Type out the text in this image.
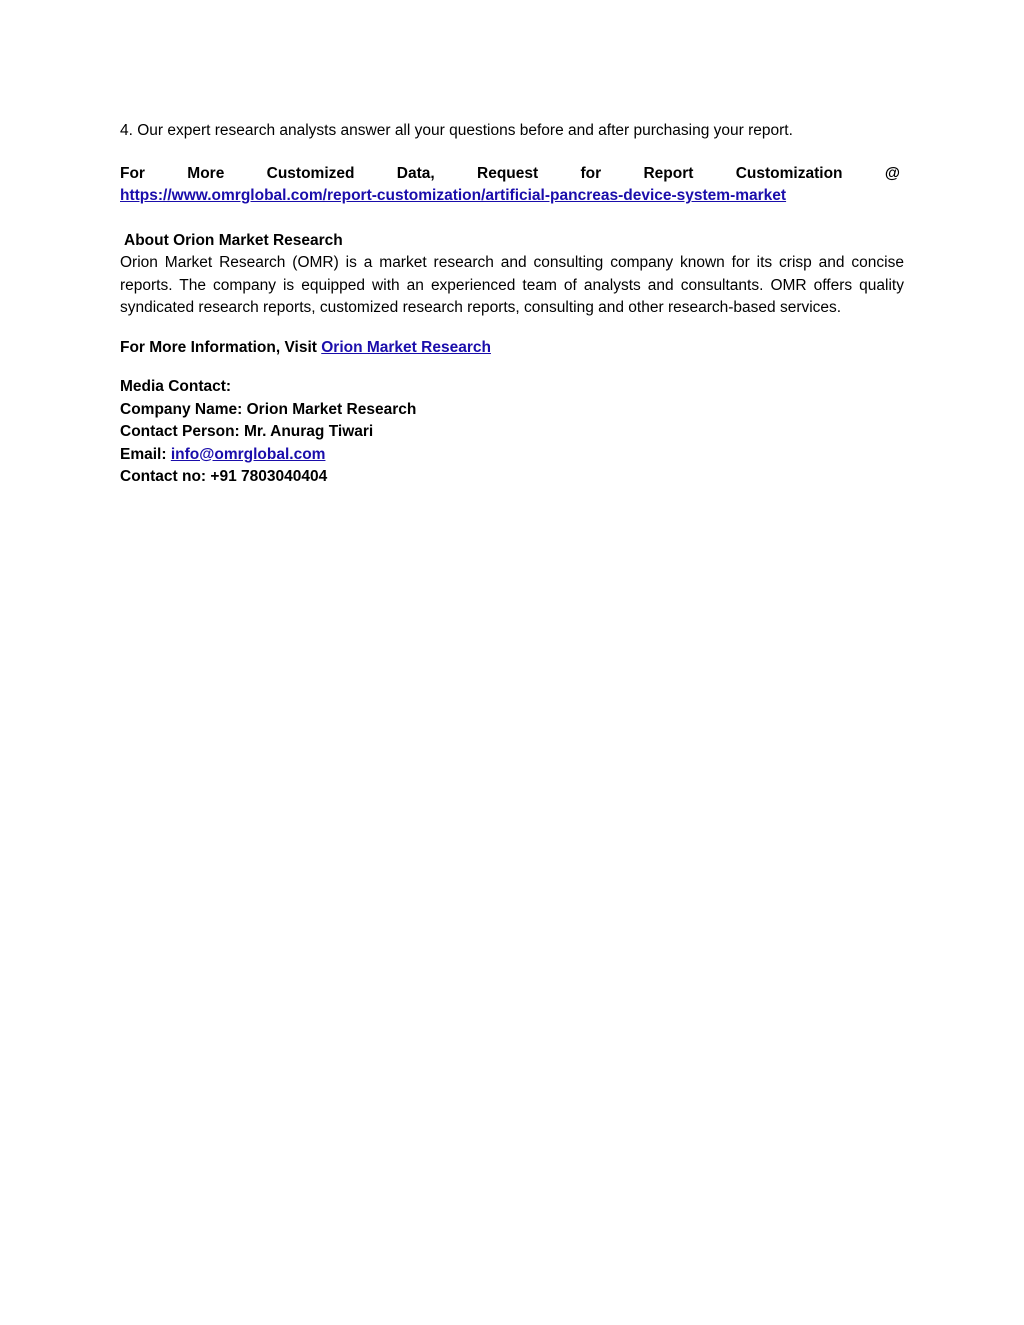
4. Our expert research analysts answer all your questions before and after purchasing your report.

For	More	Customized	Data,	Request	for	Report	Customization	@

https://www.omrglobal.com/report-customization/artificial-pancreas-device-system-market

About Orion Market Research

Orion Market Research (OMR) is a market research and consulting company known for its crisp and concise reports. The company is equipped with an experienced team of analysts and consultants. OMR offers quality syndicated research reports, customized research reports, consulting and other research-based services.

For More Information, Visit Orion Market Research

Media Contact:

Company Name: Orion Market Research

Contact Person: Mr. Anurag Tiwari

Email: info@omrglobal.com

Contact no: +91 7803040404
